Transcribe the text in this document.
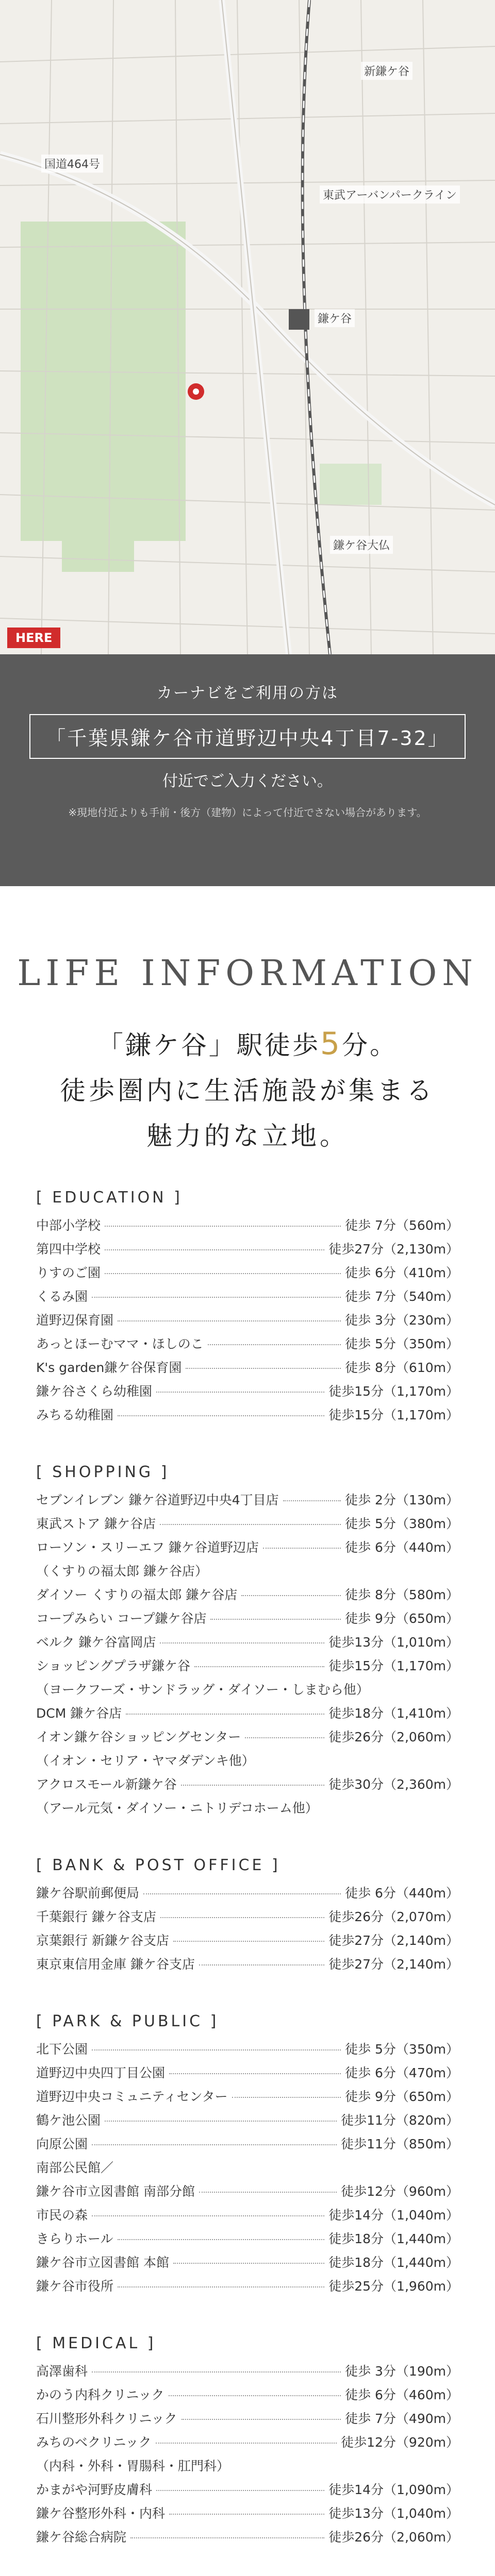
鎌ケ谷
新鎌ケ谷
鎌ケ谷大仏
東武アーバンパークライン
国道464号
HERE
カーナビをご利用の方は
「千葉県鎌ケ谷市道野辺中央4丁目7-32」
付近でご入力ください。
※現地付近よりも手前・後方（建物）によって付近でさない場合があります。
LIFE INFORMATION
「鎌ケ谷」駅徒歩5分。
徒歩圏内に生活施設が集まる
魅力的な立地。
[ EDUCATION ]
中部小学校	徒歩 7分（560m）
第四中学校	徒歩27分（2,130m）
りすのご園	徒歩 6分（410m）
くるみ園	徒歩 7分（540m）
道野辺保育園	徒歩 3分（230m）
あっとほーむママ・ほしのこ	徒歩 5分（350m）
K's garden鎌ケ谷保育園	徒歩 8分（610m）
鎌ケ谷さくら幼稚園	徒歩15分（1,170m）
みちる幼稚園	徒歩15分（1,170m）
[ SHOPPING ]
セブンイレブン 鎌ケ谷道野辺中央4丁目店	徒歩 2分（130m）
東武ストア 鎌ケ谷店	徒歩 5分（380m）
ローソン・スリーエフ 鎌ケ谷道野辺店	徒歩 6分（440m）
（くすりの福太郎 鎌ケ谷店）
ダイソー くすりの福太郎 鎌ケ谷店	徒歩 8分（580m）
コープみらい コープ鎌ケ谷店	徒歩 9分（650m）
ベルク 鎌ケ谷富岡店	徒歩13分（1,010m）
ショッピングプラザ鎌ケ谷	徒歩15分（1,170m）
（ヨークフーズ・サンドラッグ・ダイソー・しまむら他）
DCM 鎌ケ谷店	徒歩18分（1,410m）
イオン鎌ケ谷ショッピングセンター	徒歩26分（2,060m）
（イオン・セリア・ヤマダデンキ他）
アクロスモール新鎌ケ谷	徒歩30分（2,360m）
（アール元気・ダイソー・ニトリデコホーム他）
[ BANK & POST OFFICE ]
鎌ケ谷駅前郵便局	徒歩 6分（440m）
千葉銀行 鎌ケ谷支店	徒歩26分（2,070m）
京葉銀行 新鎌ケ谷支店	徒歩27分（2,140m）
東京東信用金庫 鎌ケ谷支店	徒歩27分（2,140m）
[ PARK & PUBLIC ]
北下公園	徒歩 5分（350m）
道野辺中央四丁目公園	徒歩 6分（470m）
道野辺中央コミュニティセンター	徒歩 9分（650m）
鶴ケ池公園	徒歩11分（820m）
向原公園	徒歩11分（850m）
南部公民館／
鎌ケ谷市立図書館 南部分館	徒歩12分（960m）
市民の森	徒歩14分（1,040m）
きらりホール	徒歩18分（1,440m）
鎌ケ谷市立図書館 本館	徒歩18分（1,440m）
鎌ケ谷市役所	徒歩25分（1,960m）
[ MEDICAL ]
高澤歯科	徒歩 3分（190m）
かのう内科クリニック	徒歩 6分（460m）
石川整形外科クリニック	徒歩 7分（490m）
みちのベクリニック	徒歩12分（920m）
（内科・外科・胃腸科・肛門科）
かまがや河野皮膚科	徒歩14分（1,090m）
鎌ケ谷整形外科・内科	徒歩13分（1,040m）
鎌ケ谷総合病院	徒歩26分（2,060m）
